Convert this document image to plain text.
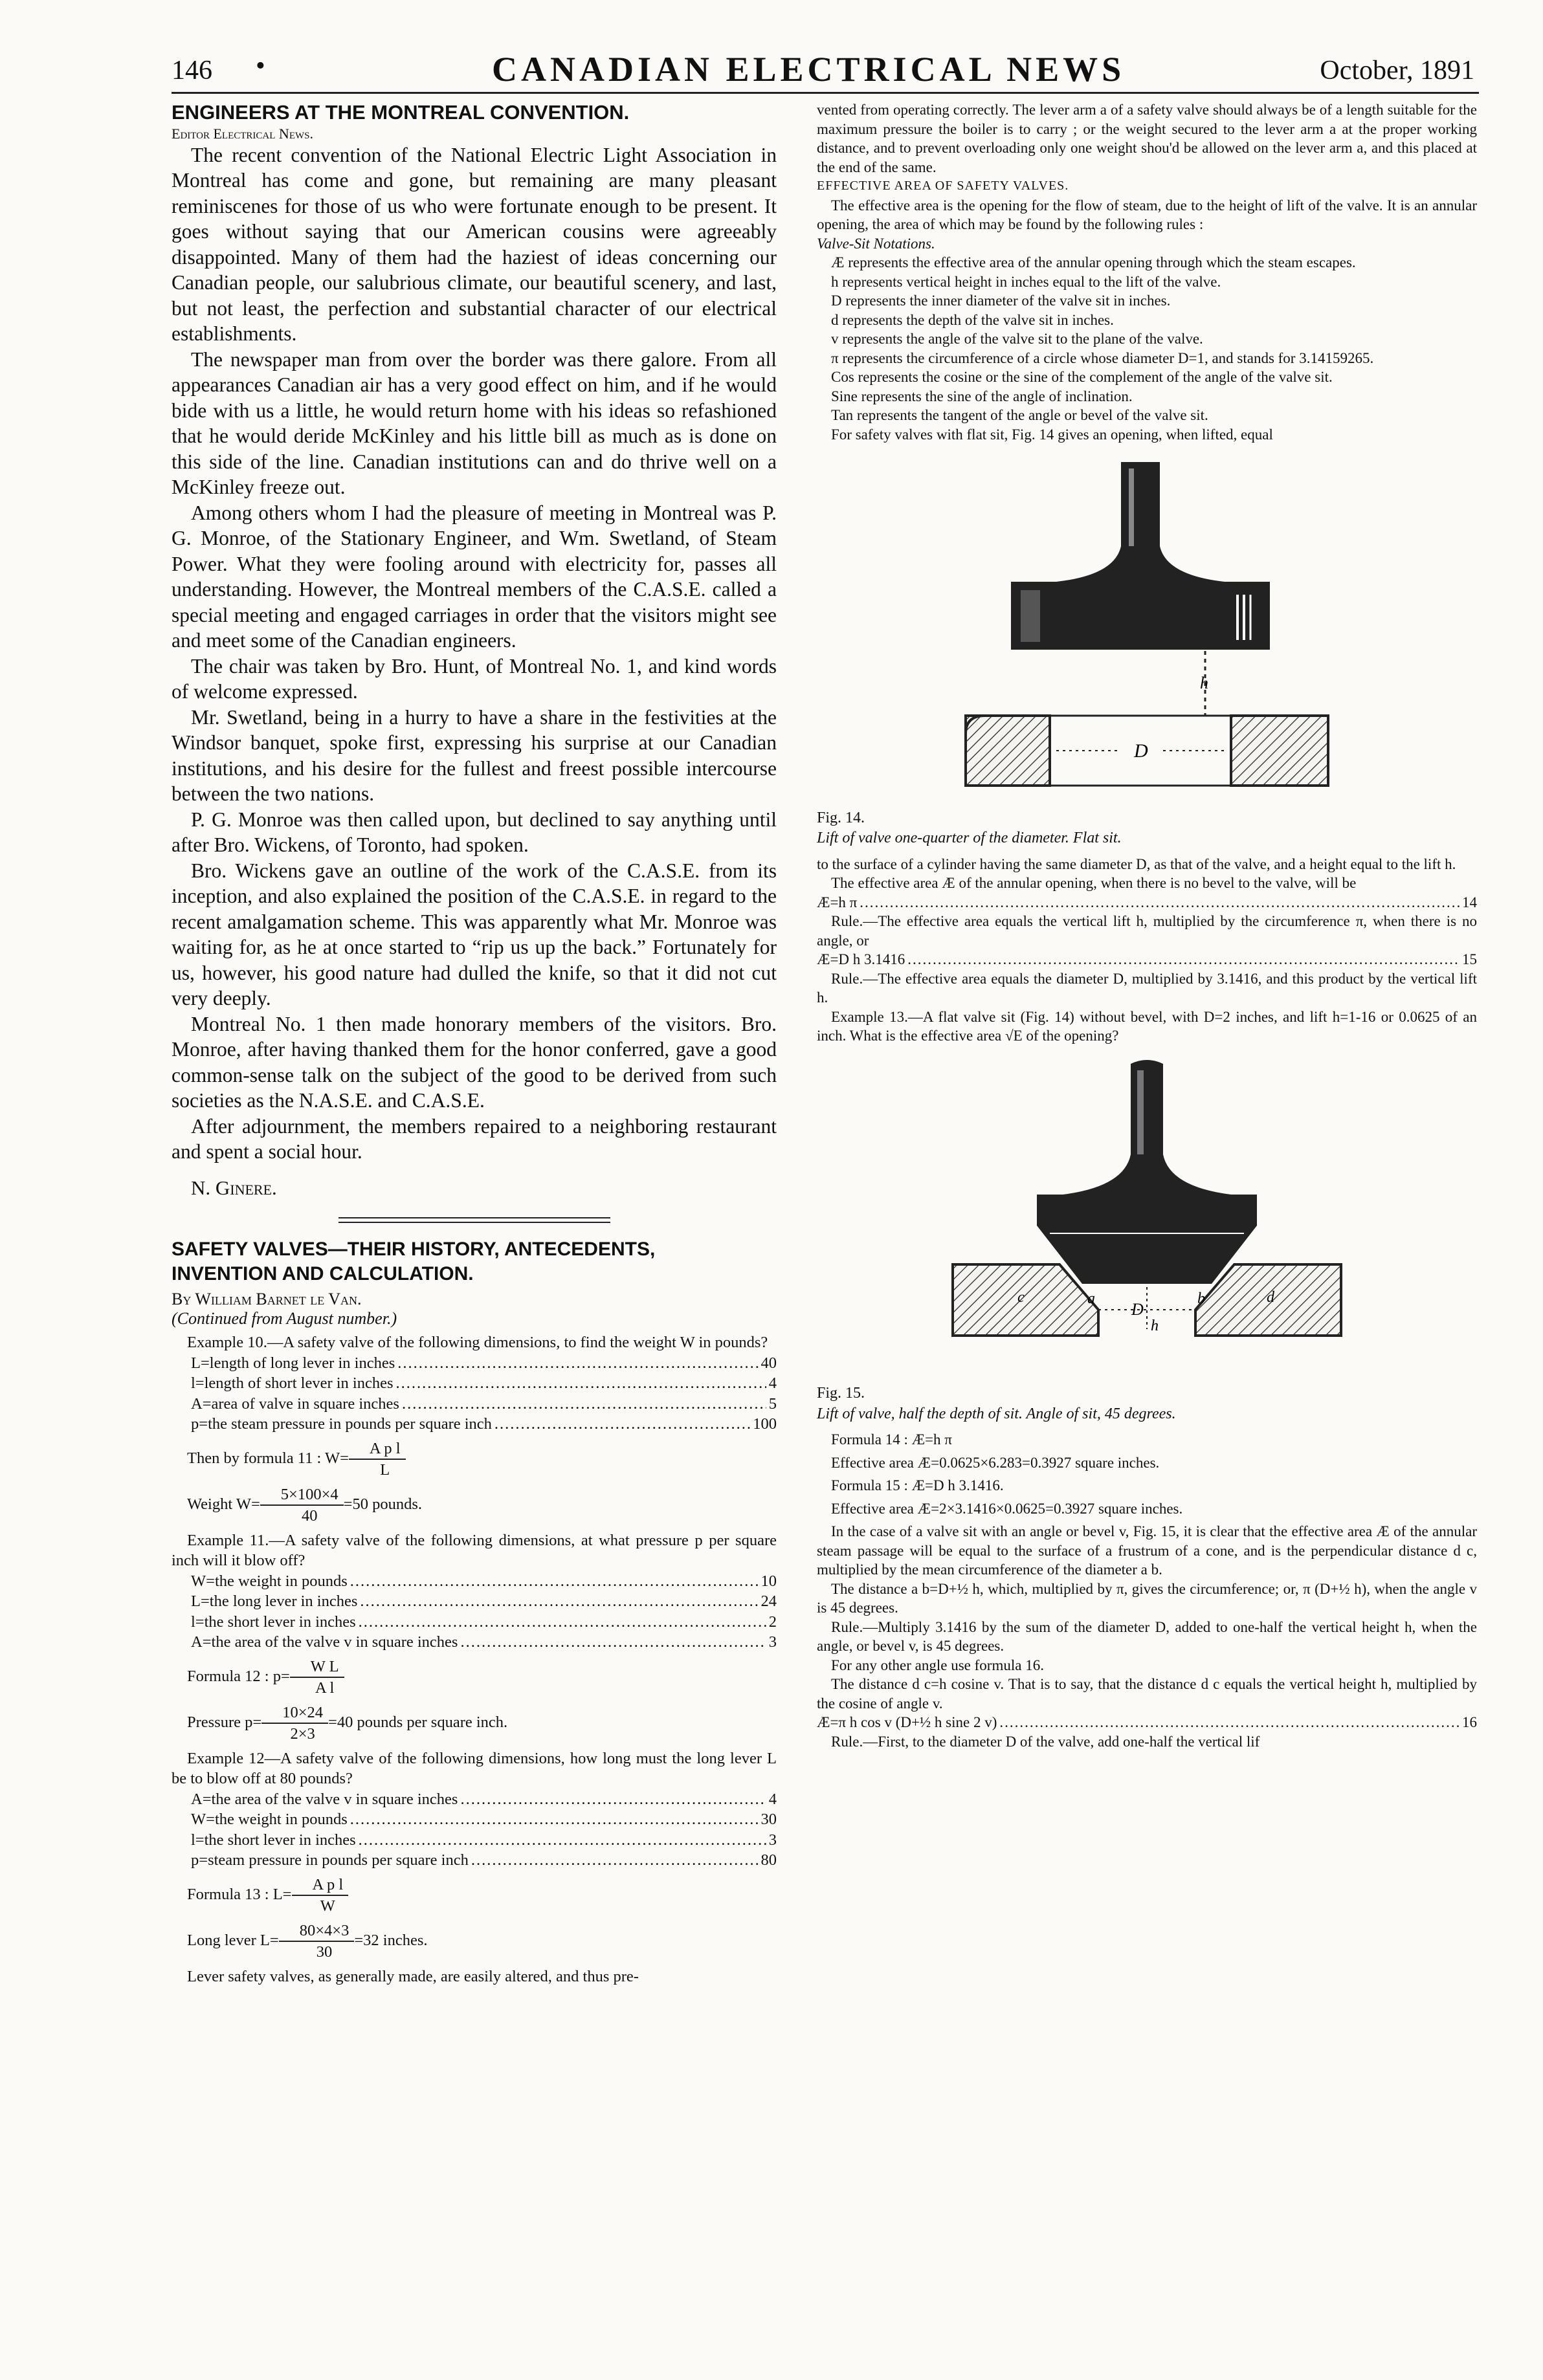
146 •	CANADIAN ELECTRICAL NEWS	October, 1891

ENGINEERS AT THE MONTREAL CONVENTION.

Editor Electrical News.

The recent convention of the National Electric Light Association in Montreal has come and gone, but remaining are many pleasant reminiscenes for those of us who were fortunate enough to be present. It goes without saying that our American cousins were agreeably disappointed. Many of them had the haziest of ideas concerning our Canadian people, our salubrious climate, our beautiful scenery, and last, but not least, the perfection and substantial character of our electrical establishments.

The newspaper man from over the border was there galore. From all appearances Canadian air has a very good effect on him, and if he would bide with us a little, he would return home with his ideas so refashioned that he would deride McKinley and his little bill as much as is done on this side of the line. Canadian institutions can and do thrive well on a McKinley freeze out.

Among others whom I had the pleasure of meeting in Montreal was P. G. Monroe, of the Stationary Engineer, and Wm. Swetland, of Steam Power. What they were fooling around with electricity for, passes all understanding. However, the Montreal members of the C.A.S.E. called a special meeting and engaged carriages in order that the visitors might see and meet some of the Canadian engineers.

The chair was taken by Bro. Hunt, of Montreal No. 1, and kind words of welcome expressed.

Mr. Swetland, being in a hurry to have a share in the festivities at the Windsor banquet, spoke first, expressing his surprise at our Canadian institutions, and his desire for the fullest and freest possible intercourse between the two nations.

P. G. Monroe was then called upon, but declined to say anything until after Bro. Wickens, of Toronto, had spoken.

Bro. Wickens gave an outline of the work of the C.A.S.E. from its inception, and also explained the position of the C.A.S.E. in regard to the recent amalgamation scheme. This was apparently what Mr. Monroe was waiting for, as he at once started to “rip us up the back.” Fortunately for us, however, his good nature had dulled the knife, so that it did not cut very deeply.

Montreal No. 1 then made honorary members of the visitors. Bro. Monroe, after having thanked them for the honor conferred, gave a good common-sense talk on the subject of the good to be derived from such societies as the N.A.S.E. and C.A.S.E.

After adjournment, the members repaired to a neighboring restaurant and spent a social hour.

N. Ginere.

SAFETY VALVES—THEIR HISTORY, ANTECEDENTS,

INVENTION AND CALCULATION.

By William Barnet le Van.

(Continued from August number.)

Example 10.—A safety valve of the following dimensions, to find the weight W in pounds?

L=length of long lever in inches .....	40
l=length of short lever in inches .....	4
A=area of valve in square inches .....	5
p=the steam pressure in pounds per square inch .....	100

Then by formula 11 : $W= \frac{\text{A p l}}{L}$

Weight $W= \frac{5\times 100\times 4}{40} =50$ pounds.

Example 11.—A safety valve of the following dimensions, at what pressure p per square inch will it blow off?

W=the weight in pounds .....	10
L=the long lever in inches .....	24
l=the short lever in inches .....	2
A=the area of the valve v in square inches .....	3

Formula 12 : $p= \frac{\text{W L}}{\text{A l}}$

Pressure $p= \frac{10\times 24}{2\times 3} =40$ pounds per square inch.

Example 12—A safety valve of the following dimensions, how long must the long lever L be to blow off at 80 pounds?

A=the area of the valve v in square inches .....	4
W=the weight in pounds .....	30
l=the short lever in inches .....	3
p=steam pressure in pounds per square inch .....	80

Formula 13 : $L= \frac{\text{A p l}}{W}$

Long lever $L= \frac{80\times 4\times 3}{30} =32$ inches.

Lever safety valves, as generally made, are easily altered, and thus pre-

vented from operating correctly. The lever arm a of a safety valve should always be of a length suitable for the maximum pressure the boiler is to carry ; or the weight secured to the lever arm a at the proper working distance, and to prevent overloading only one weight shou'd be allowed on the lever arm a, and this placed at the end of the same.

EFFECTIVE AREA OF SAFETY VALVES.

The effective area is the opening for the flow of steam, due to the height of lift of the valve. It is an annular opening, the area of which may be found by the following rules :

Valve-Sit Notations.

Æ represents the effective area of the annular opening through which the steam escapes.

h represents vertical height in inches equal to the lift of the valve.

D represents the inner diameter of the valve sit in inches.

d represents the depth of the valve sit in inches.

v represents the angle of the valve sit to the plane of the valve.

π represents the circumference of a circle whose diameter D=1, and stands for 3.14159265.

Cos represents the cosine or the sine of the complement of the angle of the valve sit.

Sine represents the sine of the angle of inclination.

Tan represents the tangent of the angle or bevel of the valve sit.

For safety valves with flat sit, Fig. 14 gives an opening, when lifted, equal

h
D

Fig. 14.

Lift of valve one-quarter of the diameter. Flat sit.

to the surface of a cylinder having the same diameter D, as that of the valve, and a height equal to the lift h.

The effective area Æ of the annular opening, when there is no bevel to the valve, will be

Æ=h π .....	14

Rule.—The effective area equals the vertical lift h, multiplied by the circumference π, when there is no angle, or

Æ=D h 3.1416 .....	15

Rule.—The effective area equals the diameter D, multiplied by 3.1416, and this product by the vertical lift h.

Example 13.—A flat valve sit (Fig. 14) without bevel, with D=2 inches, and lift h=1-16 or 0.0625 of an inch. What is the effective area √E of the opening?

c	d
a	b
D
h

Fig. 15.

Lift of valve, half the depth of sit. Angle of sit, 45 degrees.

Formula 14 : Æ=h π

Effective area Æ=0.0625×6.283=0.3927 square inches.

Formula 15 : Æ=D h 3.1416.

Effective area Æ=2×3.1416×0.0625=0.3927 square inches.

In the case of a valve sit with an angle or bevel v, Fig. 15, it is clear that the effective area Æ of the annular steam passage will be equal to the surface of a frustrum of a cone, and is the perpendicular distance d c, multiplied by the mean circumference of the diameter a b.

The distance a b=D+½ h, which, multiplied by π, gives the circumference; or, π (D+½ h), when the angle v is 45 degrees.

Rule.—Multiply 3.1416 by the sum of the diameter D, added to one-half the vertical height h, when the angle, or bevel v, is 45 degrees.

For any other angle use formula 16.

The distance d c=h cosine v. That is to say, that the distance d c equals the vertical height h, multiplied by the cosine of angle v.

Æ=π h cos v (D+½ h sine 2 v) .....	16

Rule.—First, to the diameter D of the valve, add one-half the vertical lif
